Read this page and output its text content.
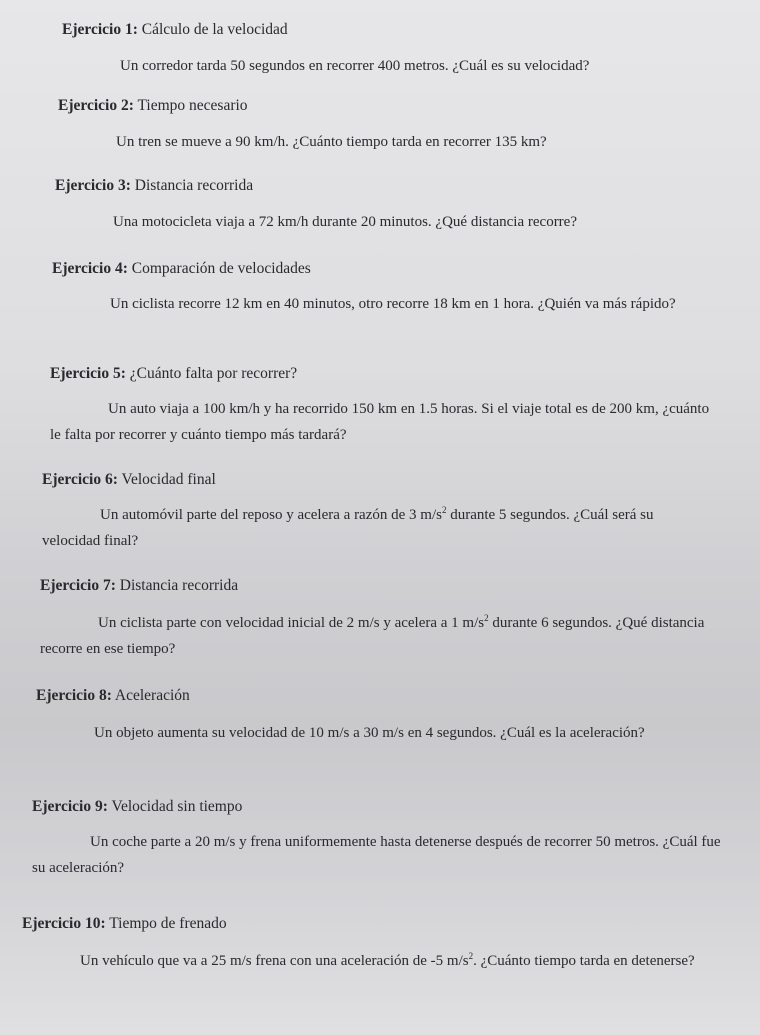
Ejercicio 1: Cálculo de la velocidad

Un corredor tarda 50 segundos en recorrer 400 metros. ¿Cuál es su velocidad?

Ejercicio 2: Tiempo necesario

Un tren se mueve a 90 km/h. ¿Cuánto tiempo tarda en recorrer 135 km?

Ejercicio 3: Distancia recorrida

Una motocicleta viaja a 72 km/h durante 20 minutos. ¿Qué distancia recorre?

Ejercicio 4: Comparación de velocidades

Un ciclista recorre 12 km en 40 minutos, otro recorre 18 km en 1 hora. ¿Quién va más rápido?

Ejercicio 5: ¿Cuánto falta por recorrer?

Un auto viaja a 100 km/h y ha recorrido 150 km en 1.5 horas. Si el viaje total es de 200 km, ¿cuánto le falta por recorrer y cuánto tiempo más tardará?

Ejercicio 6: Velocidad final

Un automóvil parte del reposo y acelera a razón de 3 $m/s^2$ durante 5 segundos. ¿Cuál será su velocidad final?

Ejercicio 7: Distancia recorrida

Un ciclista parte con velocidad inicial de 2 m/s y acelera a 1 $m/s^2$ durante 6 segundos. ¿Qué distancia recorre en ese tiempo?

Ejercicio 8: Aceleración

Un objeto aumenta su velocidad de 10 m/s a 30 m/s en 4 segundos. ¿Cuál es la aceleración?

Ejercicio 9: Velocidad sin tiempo

Un coche parte a 20 m/s y frena uniformemente hasta detenerse después de recorrer 50 metros. ¿Cuál fue su aceleración?

Ejercicio 10: Tiempo de frenado

Un vehículo que va a 25 m/s frena con una aceleración de -5 $m/s^2$. ¿Cuánto tiempo tarda en detenerse?
